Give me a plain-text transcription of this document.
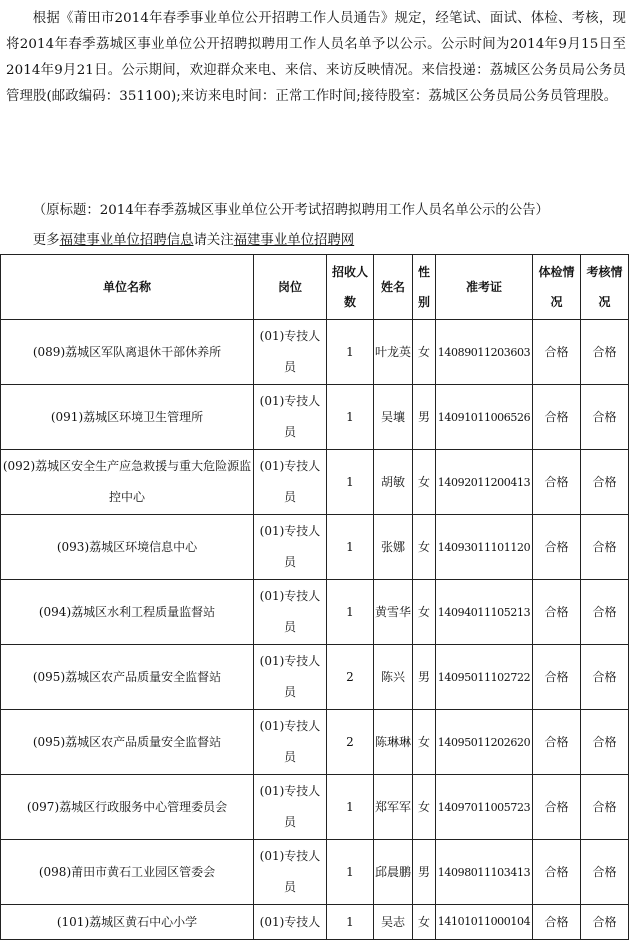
根据《莆田市2014年春季事业单位公开招聘工作人员通告》规定，经笔试、面试、体检、考核，现将2014年春季荔城区事业单位公开招聘拟聘用工作人员名单予以公示。公示时间为2014年9月15日至2014年9月21日。公示期间，欢迎群众来电、来信、来访反映情况。来信投递：荔城区公务员局公务员管理股(邮政编码：351100);来访来电时间：正常工作时间;接待股室：荔城区公务员局公务员管理股。

（原标题：2014年春季荔城区事业单位公开考试招聘拟聘用工作人员名单公示的公告）

更多福建事业单位招聘信息请关注福建事业单位招聘网

单位名称	岗位	招收人数	姓名	性别	准考证	体检情况	考核情况
(089)荔城区军队离退休干部休养所	(01)专技人员	1	叶龙英	女	14089011203603	合格	合格
(091)荔城区环境卫生管理所	(01)专技人员	1	吴壤	男	14091011006526	合格	合格
(092)荔城区安全生产应急救援与重大危险源监控中心	(01)专技人员	1	胡敏	女	14092011200413	合格	合格
(093)荔城区环境信息中心	(01)专技人员	1	张娜	女	14093011101120	合格	合格
(094)荔城区水利工程质量监督站	(01)专技人员	1	黄雪华	女	14094011105213	合格	合格
(095)荔城区农产品质量安全监督站	(01)专技人员	2	陈兴	男	14095011102722	合格	合格
(095)荔城区农产品质量安全监督站	(01)专技人员	2	陈琳琳	女	14095011202620	合格	合格
(097)荔城区行政服务中心管理委员会	(01)专技人员	1	郑军军	女	14097011005723	合格	合格
(098)莆田市黄石工业园区管委会	(01)专技人员	1	邱晨鹏	男	14098011103413	合格	合格
(101)荔城区黄石中心小学	(01)专技人	1	吴志	女	14101011000104	合格	合格
